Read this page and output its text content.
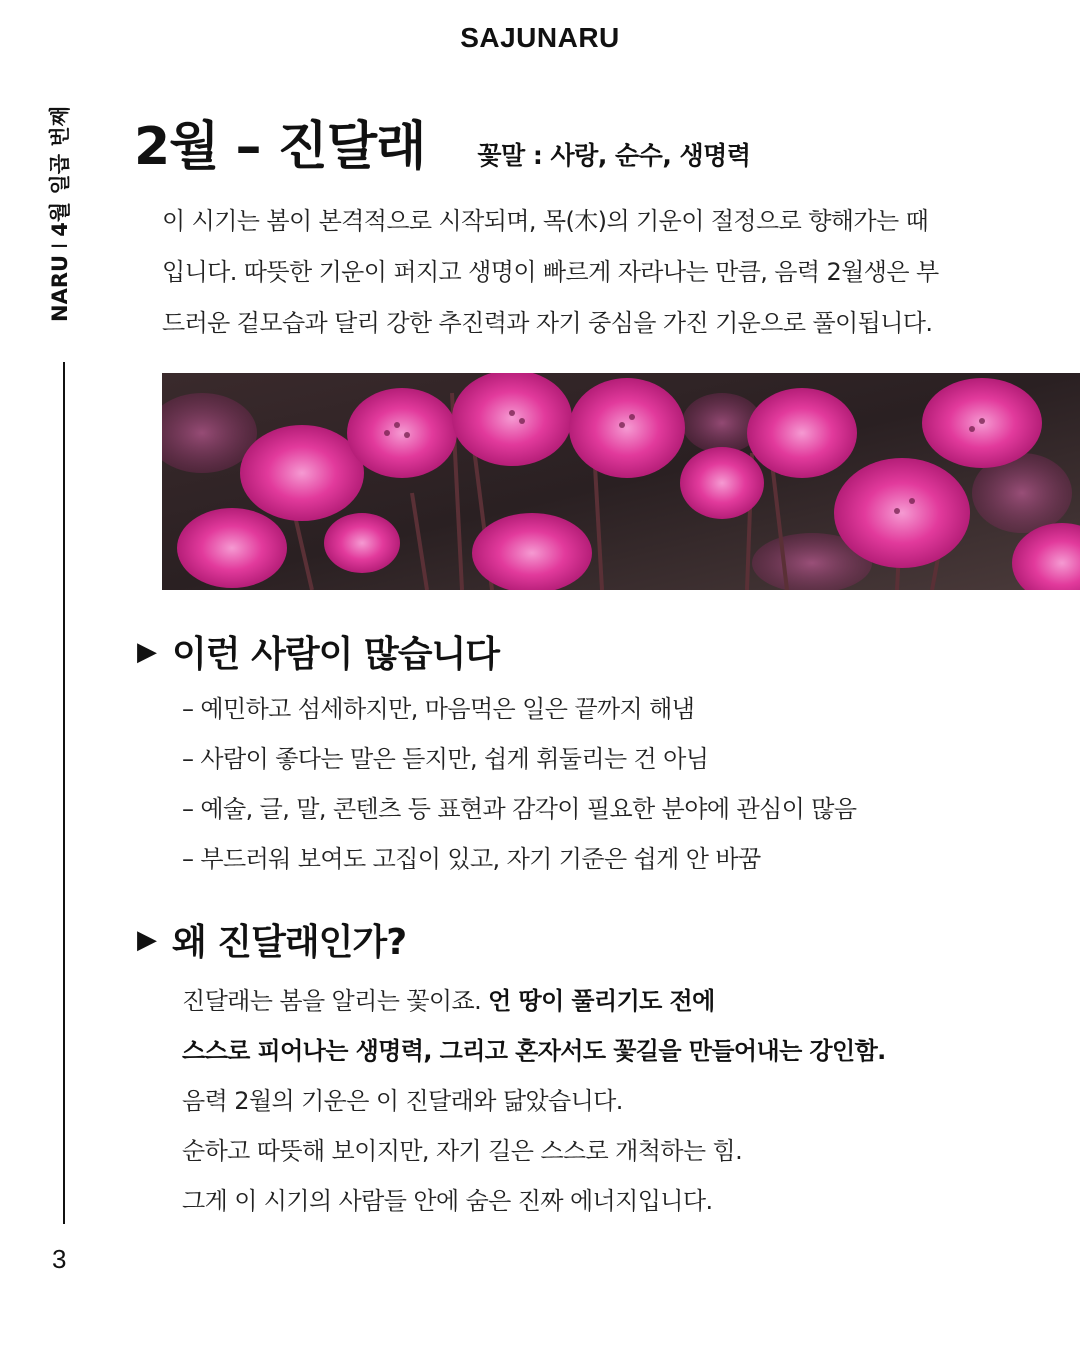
SAJUNARU
NARUI4월 일곱 번째
3
2월 – 진달래 꽃말 : 사랑, 순수, 생명력
이 시기는 봄이 본격적으로 시작되며, 목(木)의 기운이 절정으로 향해가는 때
입니다. 따뜻한 기운이 퍼지고 생명이 빠르게 자라나는 만큼, 음력 2월생은 부
드러운 겉모습과 달리 강한 추진력과 자기 중심을 가진 기운으로 풀이됩니다.
▶ 이런 사람이 많습니다
– 예민하고 섬세하지만, 마음먹은 일은 끝까지 해냄
– 사람이 좋다는 말은 듣지만, 쉽게 휘둘리는 건 아님
– 예술, 글, 말, 콘텐츠 등 표현과 감각이 필요한 분야에 관심이 많음
– 부드러워 보여도 고집이 있고, 자기 기준은 쉽게 안 바꿈
▶ 왜 진달래인가?

진달래는 봄을 알리는 꽃이죠. 언 땅이 풀리기도 전에

스스로 피어나는 생명력, 그리고 혼자서도 꽃길을 만들어내는 강인함.

음력 2월의 기운은 이 진달래와 닮았습니다.

순하고 따뜻해 보이지만, 자기 길은 스스로 개척하는 힘.

그게 이 시기의 사람들 안에 숨은 진짜 에너지입니다.
